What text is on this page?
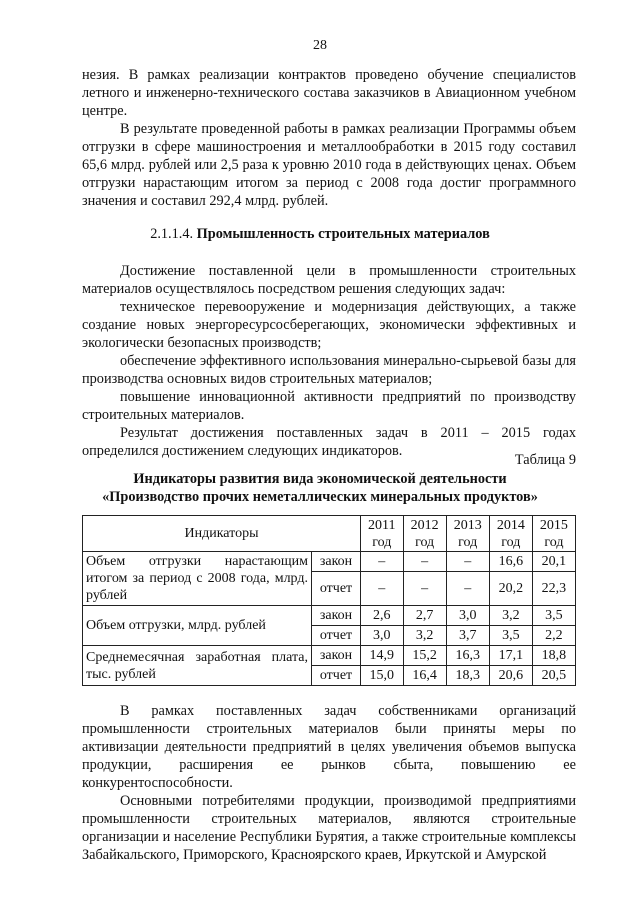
28

незия. В рамках реализации контрактов проведено обучение специалистов летного и инженерно-технического состава заказчиков в Авиационном учебном центре.

В результате проведенной работы в рамках реализации Программы объем отгрузки в сфере машиностроения и металлообработки в 2015 году составил 65,6 млрд. рублей или 2,5 раза к уровню 2010 года в действующих ценах. Объем отгрузки нарастающим итогом за период с 2008 года достиг программного значения и составил 292,4 млрд. рублей.

2.1.1.4. Промышленность строительных материалов

Достижение поставленной цели в промышленности строительных материалов осуществлялось посредством решения следующих задач:

техническое перевооружение и модернизация действующих, а также создание новых энергоресурсосберегающих, экономически эффективных и экологически безопасных производств;

обеспечение эффективного использования минерально-сырьевой базы для производства основных видов строительных материалов;

повышение инновационной активности предприятий по производству строительных материалов.

Результат достижения поставленных задач в 2011 – 2015 годах определился достижением следующих индикаторов.

Таблица 9
Индикаторы развития вида экономической деятельности
«Производство прочих неметаллических минеральных продуктов»
Индикаторы		2011 год	2012 год	2013 год	2014 год	2015 год
Объем отгрузки нарастающим итогом за период с 2008 года, млрд. рублей	закон	–	–	–	16,6	20,1
	отчет	–	–	–	20,2	22,3
Объем отгрузки, млрд. рублей	закон	2,6	2,7	3,0	3,2	3,5
	отчет	3,0	3,2	3,7	3,5	2,2
Среднемесячная заработная плата, тыс. рублей	закон	14,9	15,2	16,3	17,1	18,8
	отчет	15,0	16,4	18,3	20,6	20,5

В рамках поставленных задач собственниками организаций промышленности строительных материалов были приняты меры по активизации деятельности предприятий в целях увеличения объемов выпуска продукции, расширения ее рынков сбыта, повышению ее конкурентоспособности.

Основными потребителями продукции, производимой предприятиями промышленности строительных материалов, являются строительные организации и население Республики Бурятия, а также строительные комплексы Забайкальского, Приморского, Красноярского краев, Иркутской и Амурской
